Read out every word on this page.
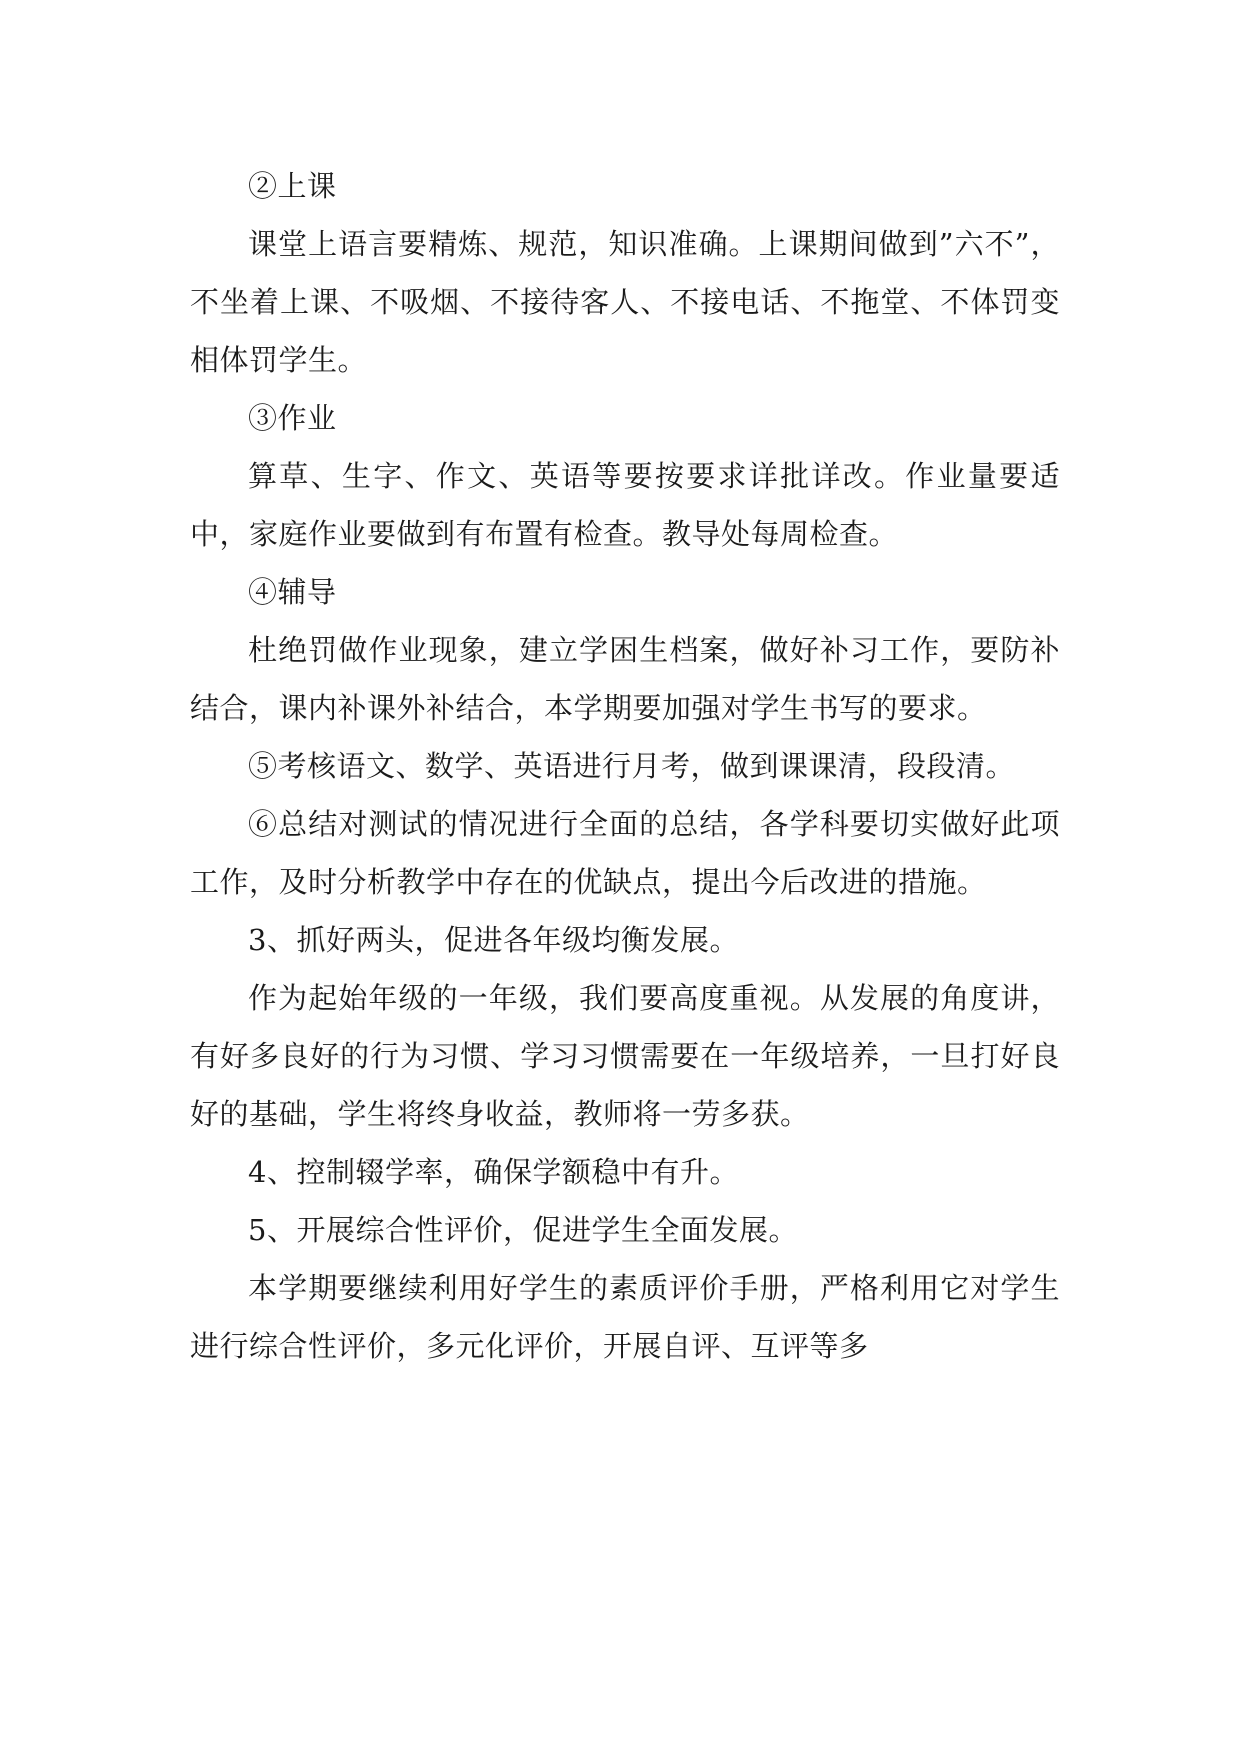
②上课

课堂上语言要精炼、规范，知识准确。上课期间做到”六不”，不坐着上课、不吸烟、不接待客人、不接电话、不拖堂、不体罚变相体罚学生。

③作业

算草、生字、作文、英语等要按要求详批详改。作业量要适中，家庭作业要做到有布置有检查。教导处每周检查。

④辅导

杜绝罚做作业现象，建立学困生档案，做好补习工作，要防补结合，课内补课外补结合，本学期要加强对学生书写的要求。

⑤考核语文、数学、英语进行月考，做到课课清，段段清。

⑥总结对测试的情况进行全面的总结，各学科要切实做好此项工作，及时分析教学中存在的优缺点，提出今后改进的措施。

3、抓好两头，促进各年级均衡发展。

作为起始年级的一年级，我们要高度重视。从发展的角度讲，有好多良好的行为习惯、学习习惯需要在一年级培养，一旦打好良好的基础，学生将终身收益，教师将一劳多获。

4、控制辍学率，确保学额稳中有升。

5、开展综合性评价，促进学生全面发展。

本学期要继续利用好学生的素质评价手册，严格利用它对学生进行综合性评价，多元化评价，开展自评、互评等多
